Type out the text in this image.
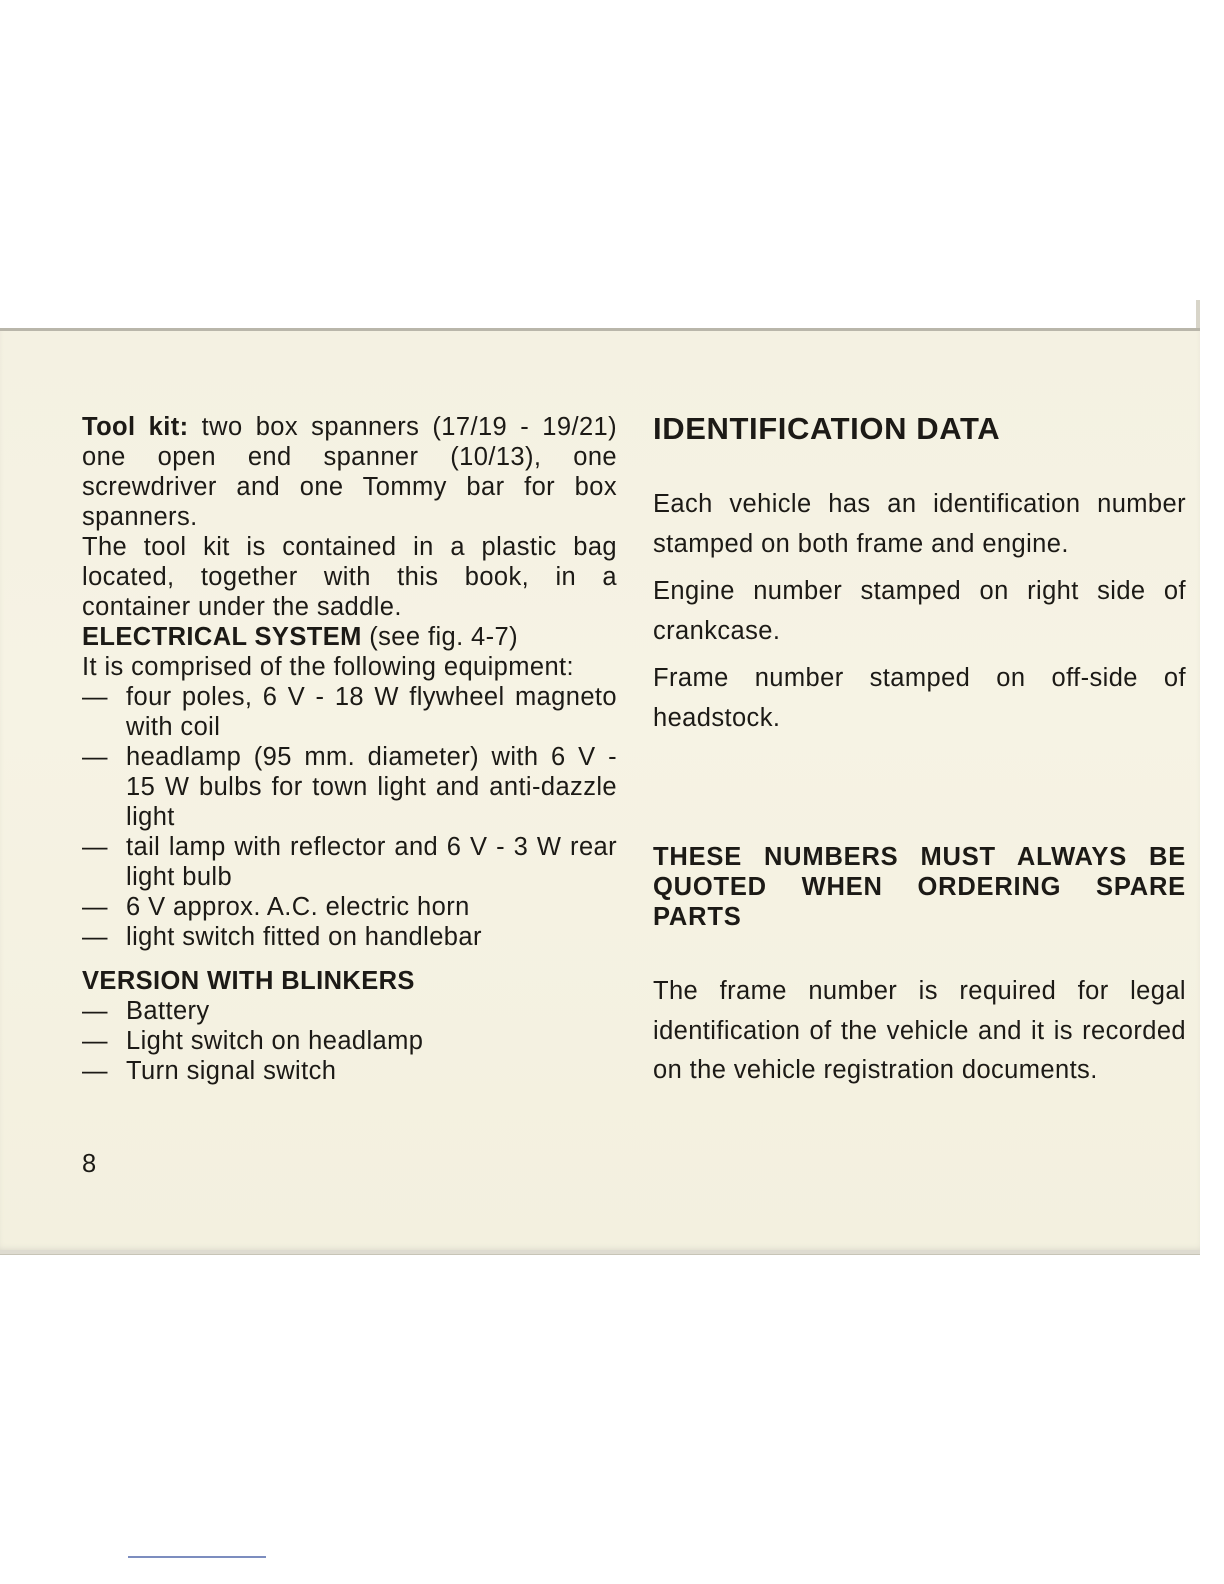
Tool kit: two box spanners (17/19 - 19/21) one open end spanner (10/13), one screwdriver and one Tommy bar for box spanners.

The tool kit is contained in a plastic bag located, together with this book, in a container under the saddle.

ELECTRICAL SYSTEM (see fig. 4-7)

It is comprised of the following equipment:

— four poles, 6 V - 18 W flywheel magneto with coil
— headlamp (95 mm. diameter) with 6 V - 15 W bulbs for town light and anti-dazzle light
— tail lamp with reflector and 6 V - 3 W rear light bulb
— 6 V approx. A.C. electric horn
— light switch fitted on handlebar

VERSION WITH BLINKERS

— Battery
— Light switch on headlamp
— Turn signal switch
8
IDENTIFICATION DATA

Each vehicle has an identification number stamped on both frame and engine.

Engine number stamped on right side of crankcase.

Frame number stamped on off-side of headstock.

THESE NUMBERS MUST ALWAYS BE QUOTED WHEN ORDERING SPARE PARTS

The frame number is required for legal identification of the vehicle and it is recorded on the vehicle registration documents.
